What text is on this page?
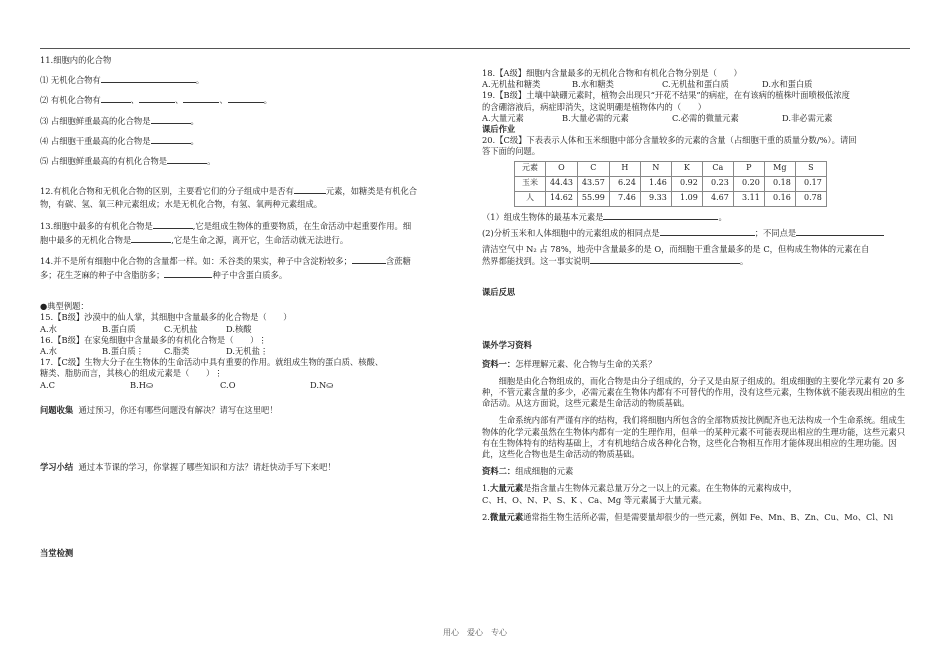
11.细胞内的化合物

⑴ 无机化合物有	。

⑵ 有机化合物有	、	、	、	。

⑶ 占细胞鲜重最高的化合物是	。

⑷ 占细胞干重最高的化合物是	。

⑸ 占细胞鲜重最高的有机化合物是	。

12.有机化合物和无机化合物的区别，主要看它们的分子组成中是否有	元素，如糖类是有机化合

物，有碳、氢、氧三种元素组成；水是无机化合物，有氢、氧两种元素组成。

13.细胞中最多的有机化合物是	,它是组成生物体的重要物质，在生命活动中起重要作用。细

胞中最多的无机化合物是	,它是生命之源，离开它，生命活动就无法进行。

14.并不是所有细胞中化合物的含量都一样。如：禾谷类的果实，种子中含淀粉较多；	含蔗糖

多；花生芝麻的种子中含脂肪多；	种子中含蛋白质多。

●典型例题：

15.【B级】沙漠中的仙人掌，其细胞中含量最多的化合物是（　　）

A.水	B.蛋白质	C.无机盐	D.核酸

16.【B级】在家兔细胞中含量最多的有机化合物是（　　）⋮

A.水	B.蛋白质⋮ C.脂类	D.无机盐⋮

17.【C级】生物大分子在生物体的生命活动中具有重要的作用。就组成生物的蛋白质、核酸、

糖类、脂肪而言，其核心的组成元素是（　　）⋮

A.C	B.H⛀	C.O	D.N⛀

问题收集 通过预习，你还有哪些问题没有解决？请写在这里吧！

学习小结 通过本节课的学习，你掌握了哪些知识和方法？请赶快动手写下来吧！

当堂检测

18.【A级】细胞内含量最多的无机化合物和有机化合物分别是（　　）

A.无机盐和糖类	B.水和糖类	C.无机盐和蛋白质	D.水和蛋白质

19.【B级】土壤中缺硼元素时，植物会出现只“开花不结果”的病症，在有该病的植株叶面喷极低浓度

的含硼溶液后，病症即消失，这说明硼是植物体内的（　　）

A.大量元素	B.大量必需的元素	C.必需的微量元素	D.非必需元素

课后作业

20.【C级】下表表示人体和玉米细胞中部分含量较多的元素的含量（占细胞干重的质量分数/%）。请回

答下面的问题。

元素	O	C	H	N	K	Ca	P	Mg	S
玉米	44.43	43.57	6.24	1.46	0.92	0.23	0.20	0.18	0.17
人	14.62	55.99	7.46	9.33	1.09	4.67	3.11	0.16	0.78

（1）组成生物体的最基本元素是	。

(2)分析玉米和人体细胞中的元素组成的相同点是	；不同点是

清洁空气中 N₂ 占 78%，地壳中含量最多的是 O，而细胞干重含量最多的是 C，但构成生物体的元素在自

然界都能找到。这一事实说明	。

课后反思

课外学习资料

资料一：怎样理解元素、化合物与生命的关系？

细胞是由化合物组成的，而化合物是由分子组成的，分子又是由原子组成的。组成细胞的主要化学元素有 20 多种，不管元素含量的多少，必需元素在生物体内都有不可替代的作用，没有这些元素，生物体就不能表现出相应的生命活动。从这方面说，这些元素是生命活动的物质基础。

生命系统内部有严谨有序的结构，我们将细胞内所包含的全部物质按比例配齐也无法构成一个生命系统。组成生物体的化学元素虽然在生物体内都有一定的生理作用，但单一的某种元素不可能表现出相应的生理功能，这些元素只有在生物体特有的结构基础上，才有机地结合成各种化合物，这些化合物相互作用才能体现出相应的生理功能。因此，这些化合物也是生命活动的物质基础。

资料二：组成细胞的元素

1.大量元素是指含量占生物体元素总量万分之一以上的元素。在生物体的元素构成中，
C、H、O、N、P、S、K 、Ca、Mg 等元素属于大量元素。

2.微量元素通常指生物生活所必需，但是需要量却很少的一些元素，例如 Fe、Mn、B、Zn、Cu、Mo、Cl、Ni

用心　爱心　专心
